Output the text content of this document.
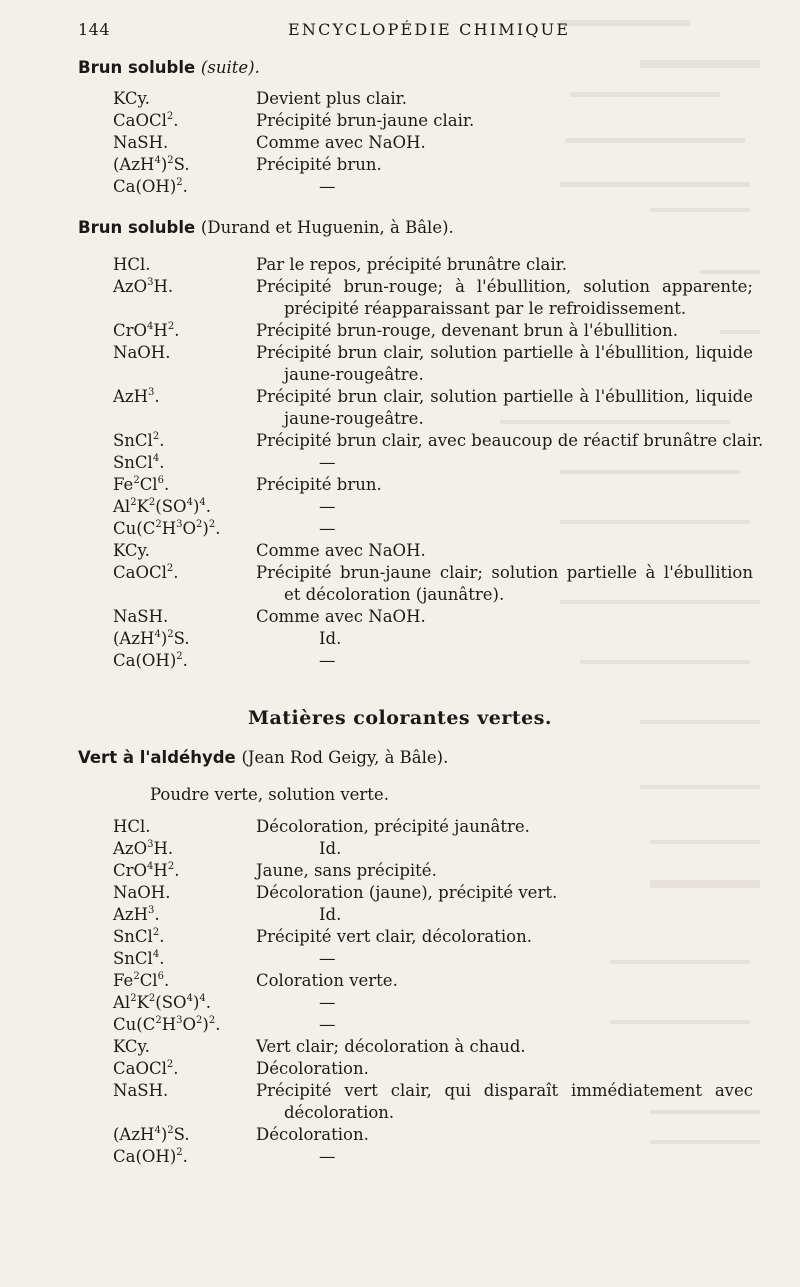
144	ENCYCLOPÉDIE CHIMIQUE
Brun soluble (suite).
KCy.	Devient plus clair.
CaOCl$^2$.	Précipité brun-jaune clair.
NaSH.	Comme avec NaOH.
$(AzH^4)^2S$.	Précipité brun.
Ca(OH)$^2$.	—
Brun soluble (Durand et Huguenin, à Bâle).
HCl.	Par le repos, précipité brunâtre clair.
AzO$^3$H.	Précipité brun-rouge; à l'ébullition, solution apparente;
précipité réapparaissant par le refroidissement.
$CrO^4H^2$.	Précipité brun-rouge, devenant brun à l'ébullition.
NaOH.	Précipité brun clair, solution partielle à l'ébullition, liquide
jaune-rougeâtre.
AzH$^3$.	Précipité brun clair, solution partielle à l'ébullition, liquide
jaune-rougeâtre.
SnCl$^2$.	Précipité brun clair, avec beaucoup de réactif brunâtre clair.
SnCl$^4$.	—
Fe$^2$Cl$^6$.	Précipité brun.
$Al^2K^2(SO^4)^4$.	—
$Cu(C^2H^3O^2)^2$.	—
KCy.	Comme avec NaOH.
CaOCl$^2$.	Précipité brun-jaune clair; solution partielle à l'ébullition
et décoloration (jaunâtre).
NaSH.	Comme avec NaOH.
$(AzH^4)^2S$.	Id.
Ca(OH)$^2$.	—
Matières colorantes vertes.
Vert à l'aldéhyde (Jean Rod Geigy, à Bâle).
Poudre verte, solution verte.
HCl.	Décoloration, précipité jaunâtre.
AzO$^3$H.	Id.
$CrO^4H^2$.	Jaune, sans précipité.
NaOH.	Décoloration (jaune), précipité vert.
AzH$^3$.	Id.
SnCl$^2$.	Précipité vert clair, décoloration.
SnCl$^4$.	—
Fe$^2$Cl$^6$.	Coloration verte.
$Al^2K^2(SO^4)^4$.	—
$Cu(C^2H^3O^2)^2$.	—
KCy.	Vert clair; décoloration à chaud.
CaOCl$^2$.	Décoloration.
NaSH.	Précipité vert clair, qui disparaît immédiatement avec
décoloration.
$(AzH^4)^2S$.	Décoloration.
Ca(OH)$^2$.	—
